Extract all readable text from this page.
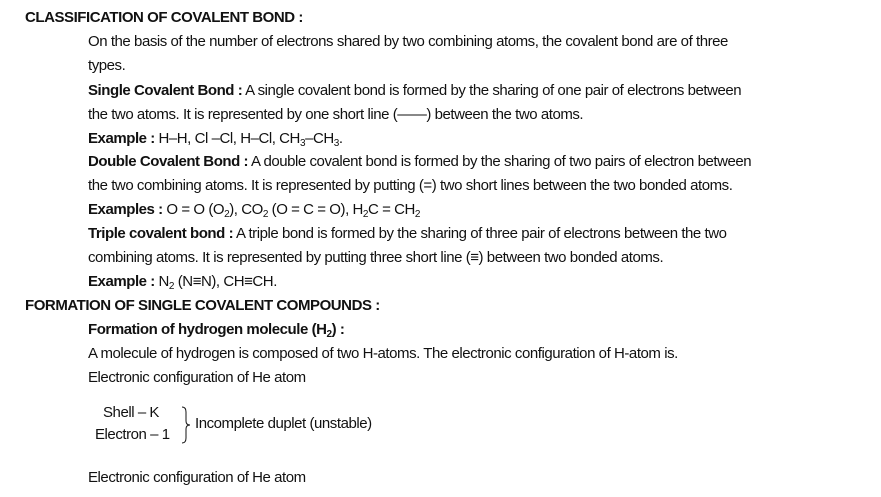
CLASSIFICATION OF COVALENT BOND :
On the basis of the number of electrons shared by two combining atoms, the covalent bond are of three
types.
Single Covalent Bond : A single covalent bond is formed by the sharing of one pair of electrons between
the two atoms. It is represented by one short line (——) between the two atoms.
Example : H–H, Cl –Cl, H–Cl, $CH_3-CH_3$.
Double Covalent Bond : A double covalent bond is formed by the sharing of two pairs of electron between
the two combining atoms. It is represented by putting (=) two short lines between the two bonded atoms.
Examples : O = O $(O_2)$, $CO_2$ (O = C = O), $H_2C = CH_2$
Triple covalent bond : A triple bond is formed by the sharing of three pair of electrons between the two
combining atoms. It is represented by putting three short line (≡) between two bonded atoms.
Example : $N_2$ (N≡N), CH≡CH.
FORMATION OF SINGLE COVALENT COMPOUNDS :
Formation of hydrogen molecule $(H_2)$ :
A molecule of hydrogen is composed of two H-atoms. The electronic configuration of H-atom is.
Electronic configuration of He atom
Shell – K
Electron – 1
Incomplete duplet (unstable)
Electronic configuration of He atom
